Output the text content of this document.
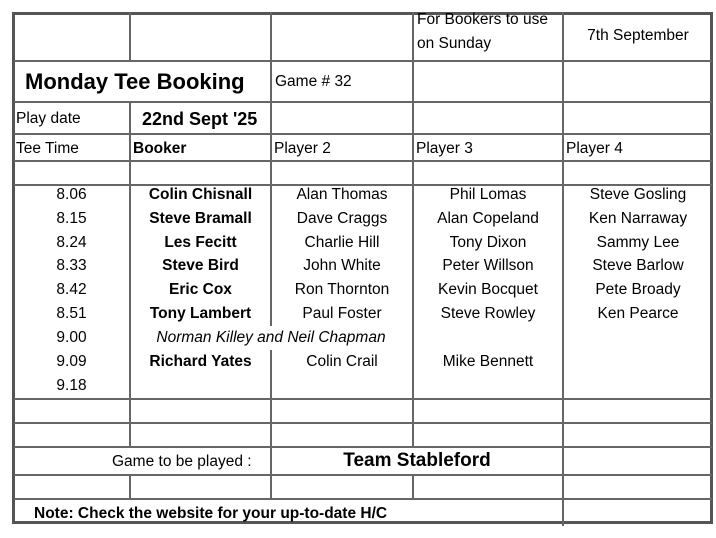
For Bookers to use
on Sunday	7th September
Monday Tee Booking Game # 32
Play date	22nd Sept '25
Tee Time	Booker	Player 2	Player 3	Player 4
8.06	Colin Chisnall	Alan Thomas	Phil Lomas	Steve Gosling
8.15	Steve Bramall	Dave Craggs	Alan Copeland	Ken Narraway
8.24	Les Fecitt	Charlie Hill	Tony Dixon	Sammy Lee
8.33	Steve Bird	John White	Peter Willson	Steve Barlow
8.42	Eric Cox	Ron Thornton	Kevin Bocquet	Pete Broady
8.51	Tony Lambert	Paul Foster	Steve Rowley	Ken Pearce
9.00	Norman Killey and Neil Chapman
9.09	Richard Yates	Colin Crail	Mike Bennett
9.18
Game to be played :	Team Stableford
Note: Check the website for your up-to-date H/C
